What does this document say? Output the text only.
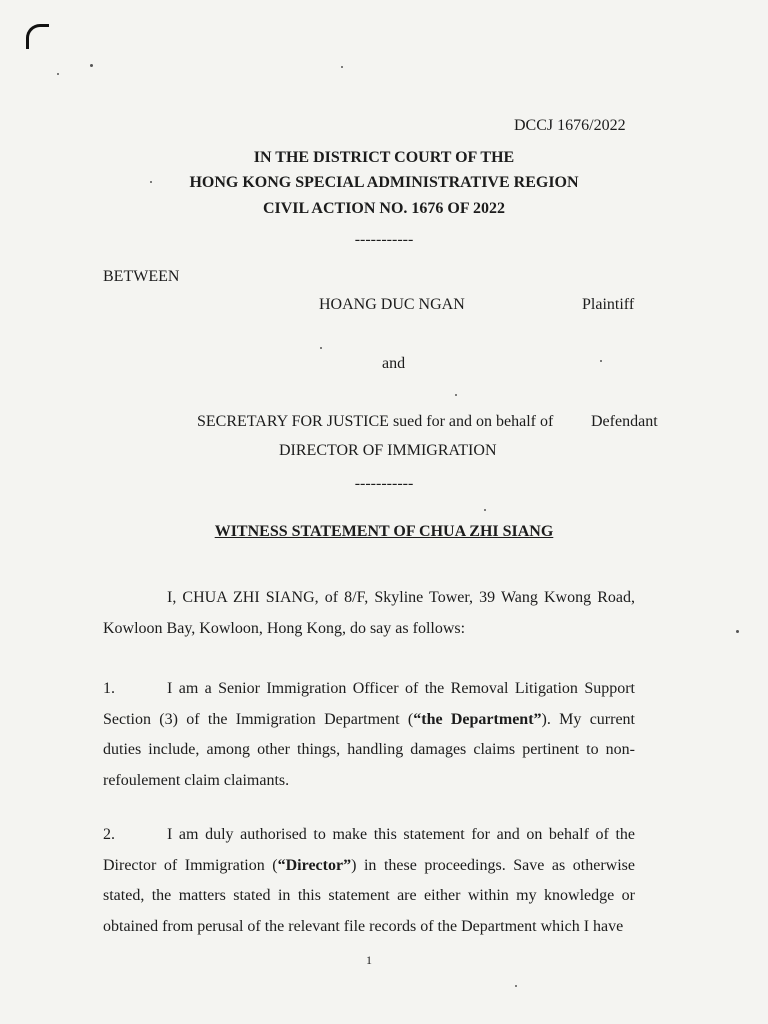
DCCJ 1676/2022
IN THE DISTRICT COURT OF THE
HONG KONG SPECIAL ADMINISTRATIVE REGION
CIVIL ACTION NO. 1676 OF 2022
-----------
BETWEEN
HOANG DUC NGAN	Plaintiff
and
SECRETARY FOR JUSTICE sued for and on behalf of Defendant
DIRECTOR OF IMMIGRATION
-----------
WITNESS STATEMENT OF CHUA ZHI SIANG
I, CHUA ZHI SIANG, of 8/F, Skyline Tower, 39 Wang Kwong Road, Kowloon Bay, Kowloon, Hong Kong, do say as follows:
1.	I am a Senior Immigration Officer of the Removal Litigation Support Section (3) of the Immigration Department (“the Department”). My current duties include, among other things, handling damages claims pertinent to non-refoulement claim claimants.
2.	I am duly authorised to make this statement for and on behalf of the Director of Immigration (“Director”) in these proceedings. Save as otherwise stated, the matters stated in this statement are either within my knowledge or obtained from perusal of the relevant file records of the Department which I have
1
